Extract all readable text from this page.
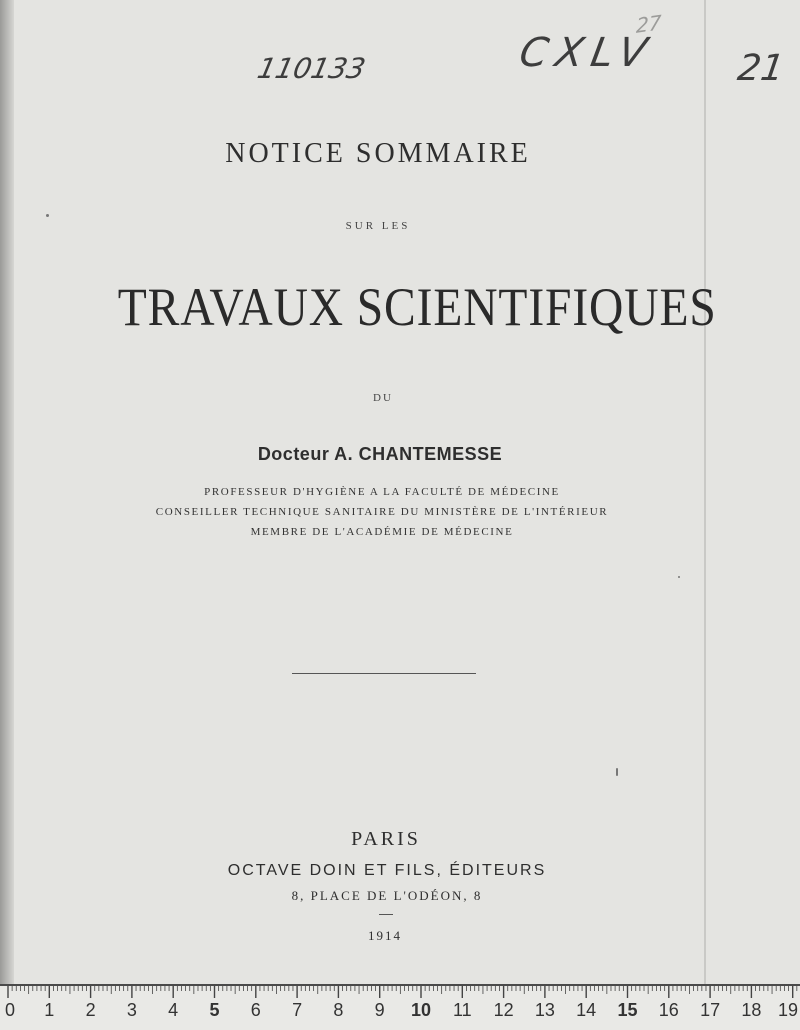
110133	CXLV 21
27
NOTICE SOMMAIRE
SUR LES
TRAVAUX SCIENTIFIQUES
DU
Docteur A. CHANTEMESSE
PROFESSEUR D'HYGIÈNE A LA FACULTÉ DE MÉDECINE
CONSEILLER TECHNIQUE SANITAIRE DU MINISTÈRE DE L'INTÉRIEUR
MEMBRE DE L'ACADÉMIE DE MÉDECINE
PARIS
OCTAVE DOIN ET FILS, ÉDITEURS
8, PLACE DE L'ODÉON, 8
1914
0 1 2 3 4 5 6 7 8 9 10 11 12 13 14 15 16 17 18 19
